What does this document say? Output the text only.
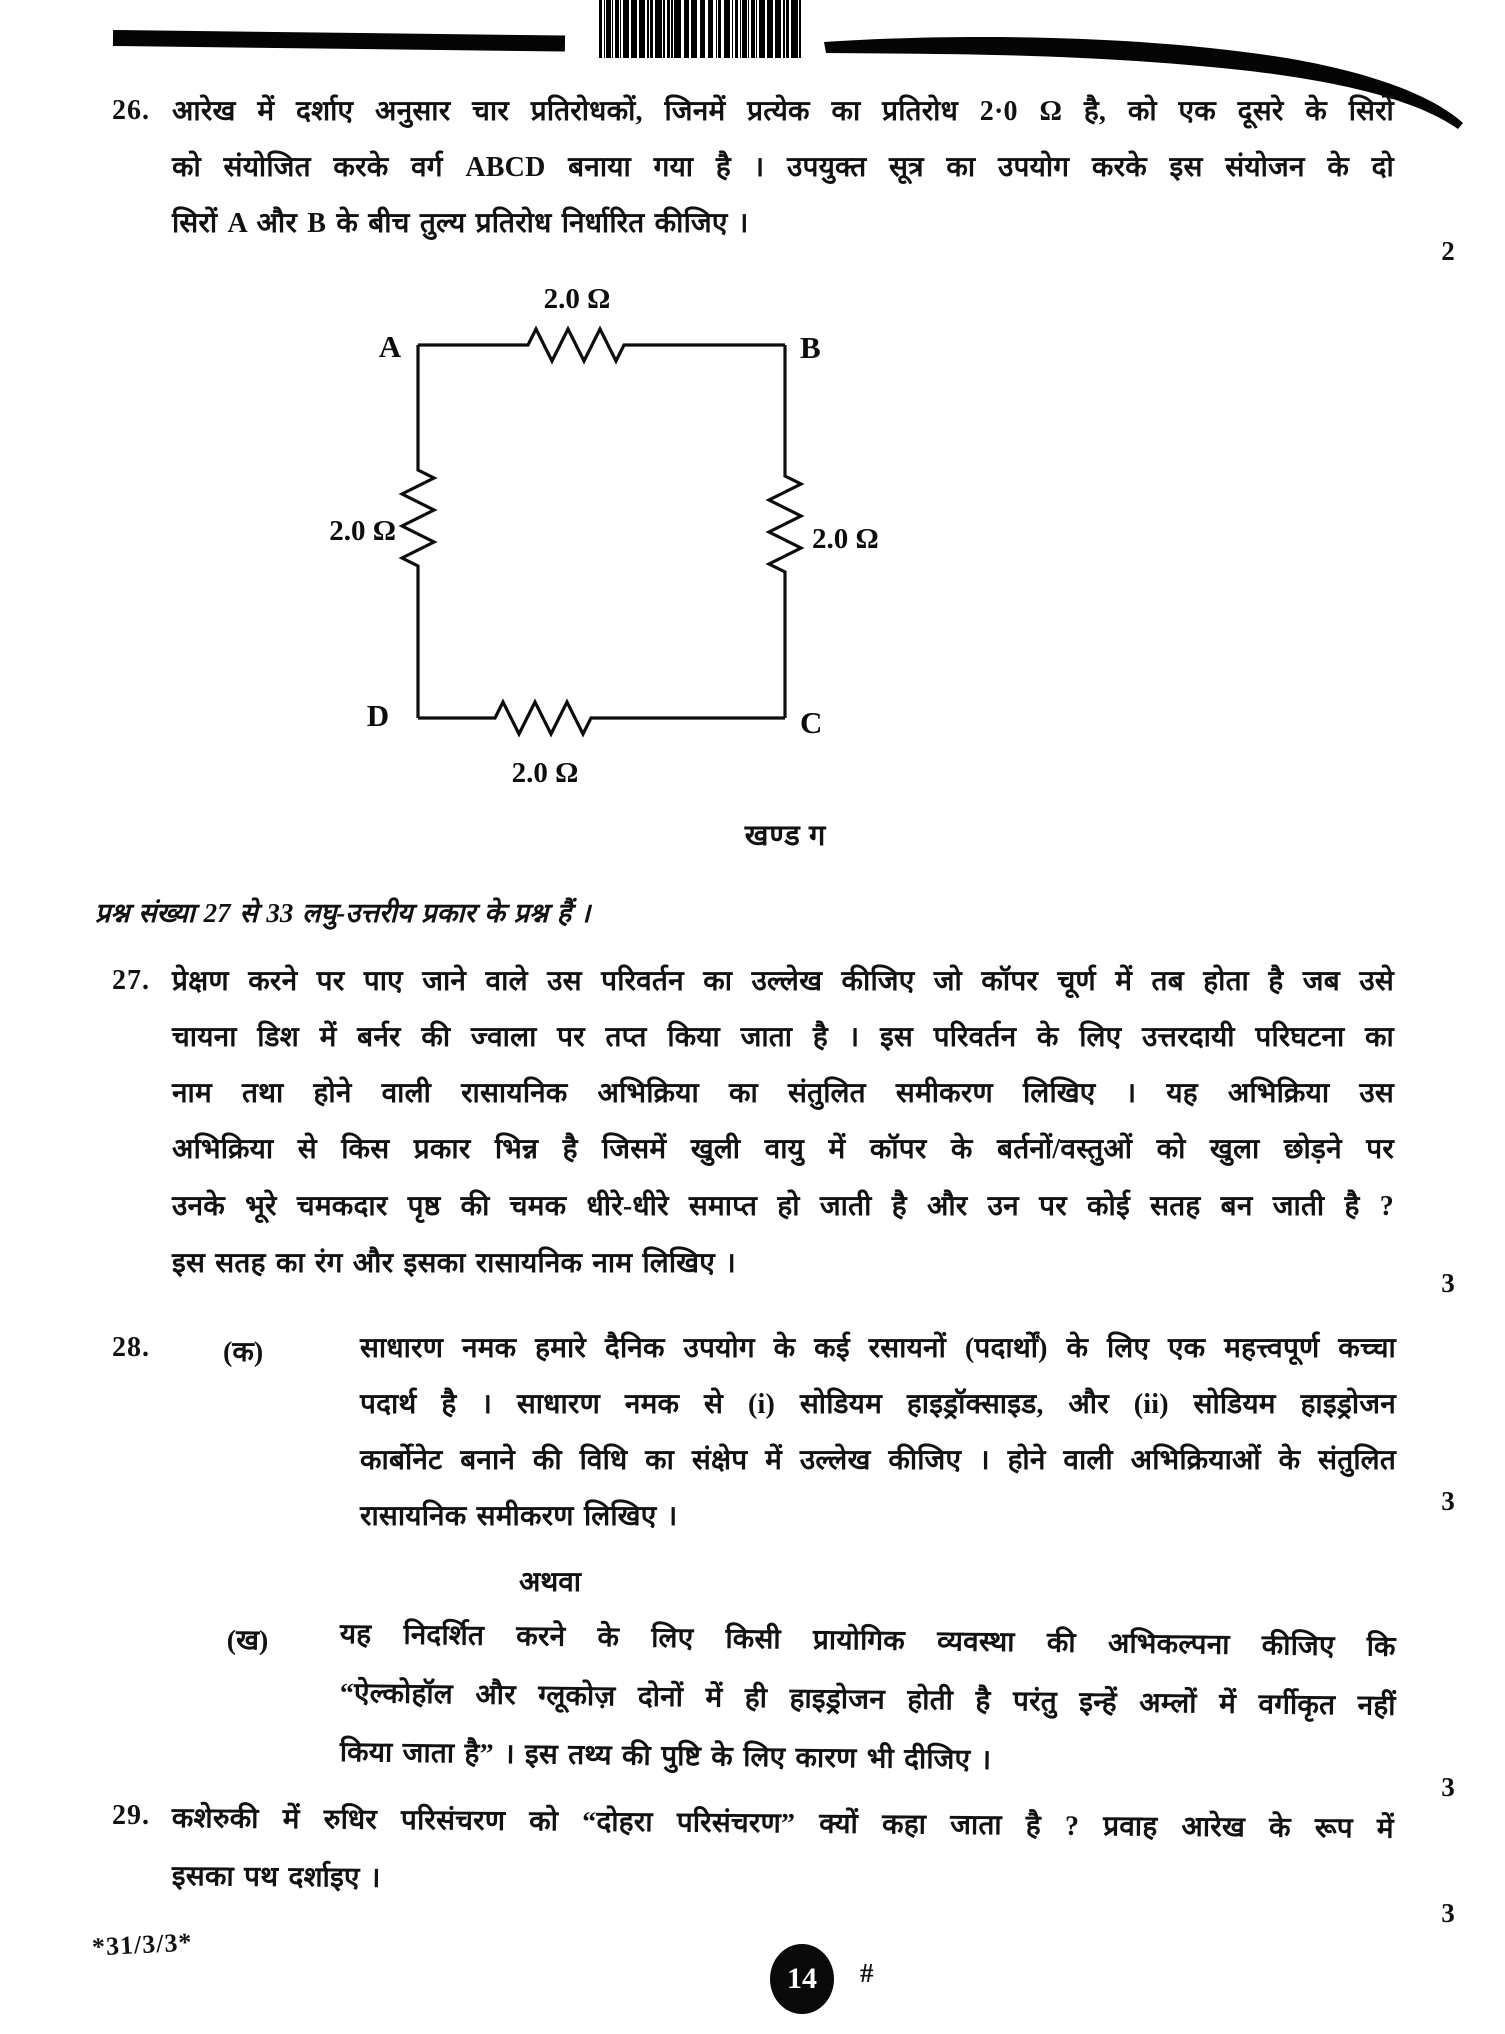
26. आरेख में दर्शाए अनुसार चार प्रतिरोधकों, जिनमें प्रत्येक का प्रतिरोध 2·0 Ω है, को एक दूसरे के सिरों
को संयोजित करके वर्ग ABCD बनाया गया है । उपयुक्त सूत्र का उपयोग करके इस संयोजन के दो
सिरों A और B के बीच तुल्य प्रतिरोध निर्धारित कीजिए ।
2
A	B
C
D
2.0 Ω
2.0 Ω	2.0 Ω
2.0 Ω
खण्ड ग
प्रश्न संख्या 27 से 33 लघु-उत्तरीय प्रकार के प्रश्न हैं ।
27. प्रेक्षण करने पर पाए जाने वाले उस परिवर्तन का उल्लेख कीजिए जो कॉपर चूर्ण में तब होता है जब उसे
चायना डिश में बर्नर की ज्वाला पर तप्त किया जाता है । इस परिवर्तन के लिए उत्तरदायी परिघटना का
नाम तथा होने वाली रासायनिक अभिक्रिया का संतुलित समीकरण लिखिए । यह अभिक्रिया उस
अभिक्रिया से किस प्रकार भिन्न है जिसमें खुली वायु में कॉपर के बर्तनों/वस्तुओं को खुला छोड़ने पर
उनके भूरे चमकदार पृष्ठ की चमक धीरे-धीरे समाप्त हो जाती है और उन पर कोई सतह बन जाती है ?
इस सतह का रंग और इसका रासायनिक नाम लिखिए ।
3
28.	(क)	साधारण नमक हमारे दैनिक उपयोग के कई रसायनों (पदार्थों) के लिए एक महत्त्वपूर्ण कच्चा
पदार्थ है । साधारण नमक से (i) सोडियम हाइड्रॉक्साइड, और (ii) सोडियम हाइड्रोजन
कार्बोनेट बनाने की विधि का संक्षेप में उल्लेख कीजिए । होने वाली अभिक्रियाओं के संतुलित
रासायनिक समीकरण लिखिए ।	3
अथवा
(ख)	यह निदर्शित करने के लिए किसी प्रायोगिक व्यवस्था की अभिकल्पना कीजिए कि
“ऐल्कोहॉल और ग्लूकोज़ दोनों में ही हाइड्रोजन होती है परंतु इन्हें अम्लों में वर्गीकृत नहीं
किया जाता है” । इस तथ्य की पुष्टि के लिए कारण भी दीजिए ।
3
29. कशेरुकी में रुधिर परिसंचरण को “दोहरा परिसंचरण” क्यों कहा जाता है ? प्रवाह आरेख के रूप में
इसका पथ दर्शाइए ।
3
*31/3/3*
14 #
